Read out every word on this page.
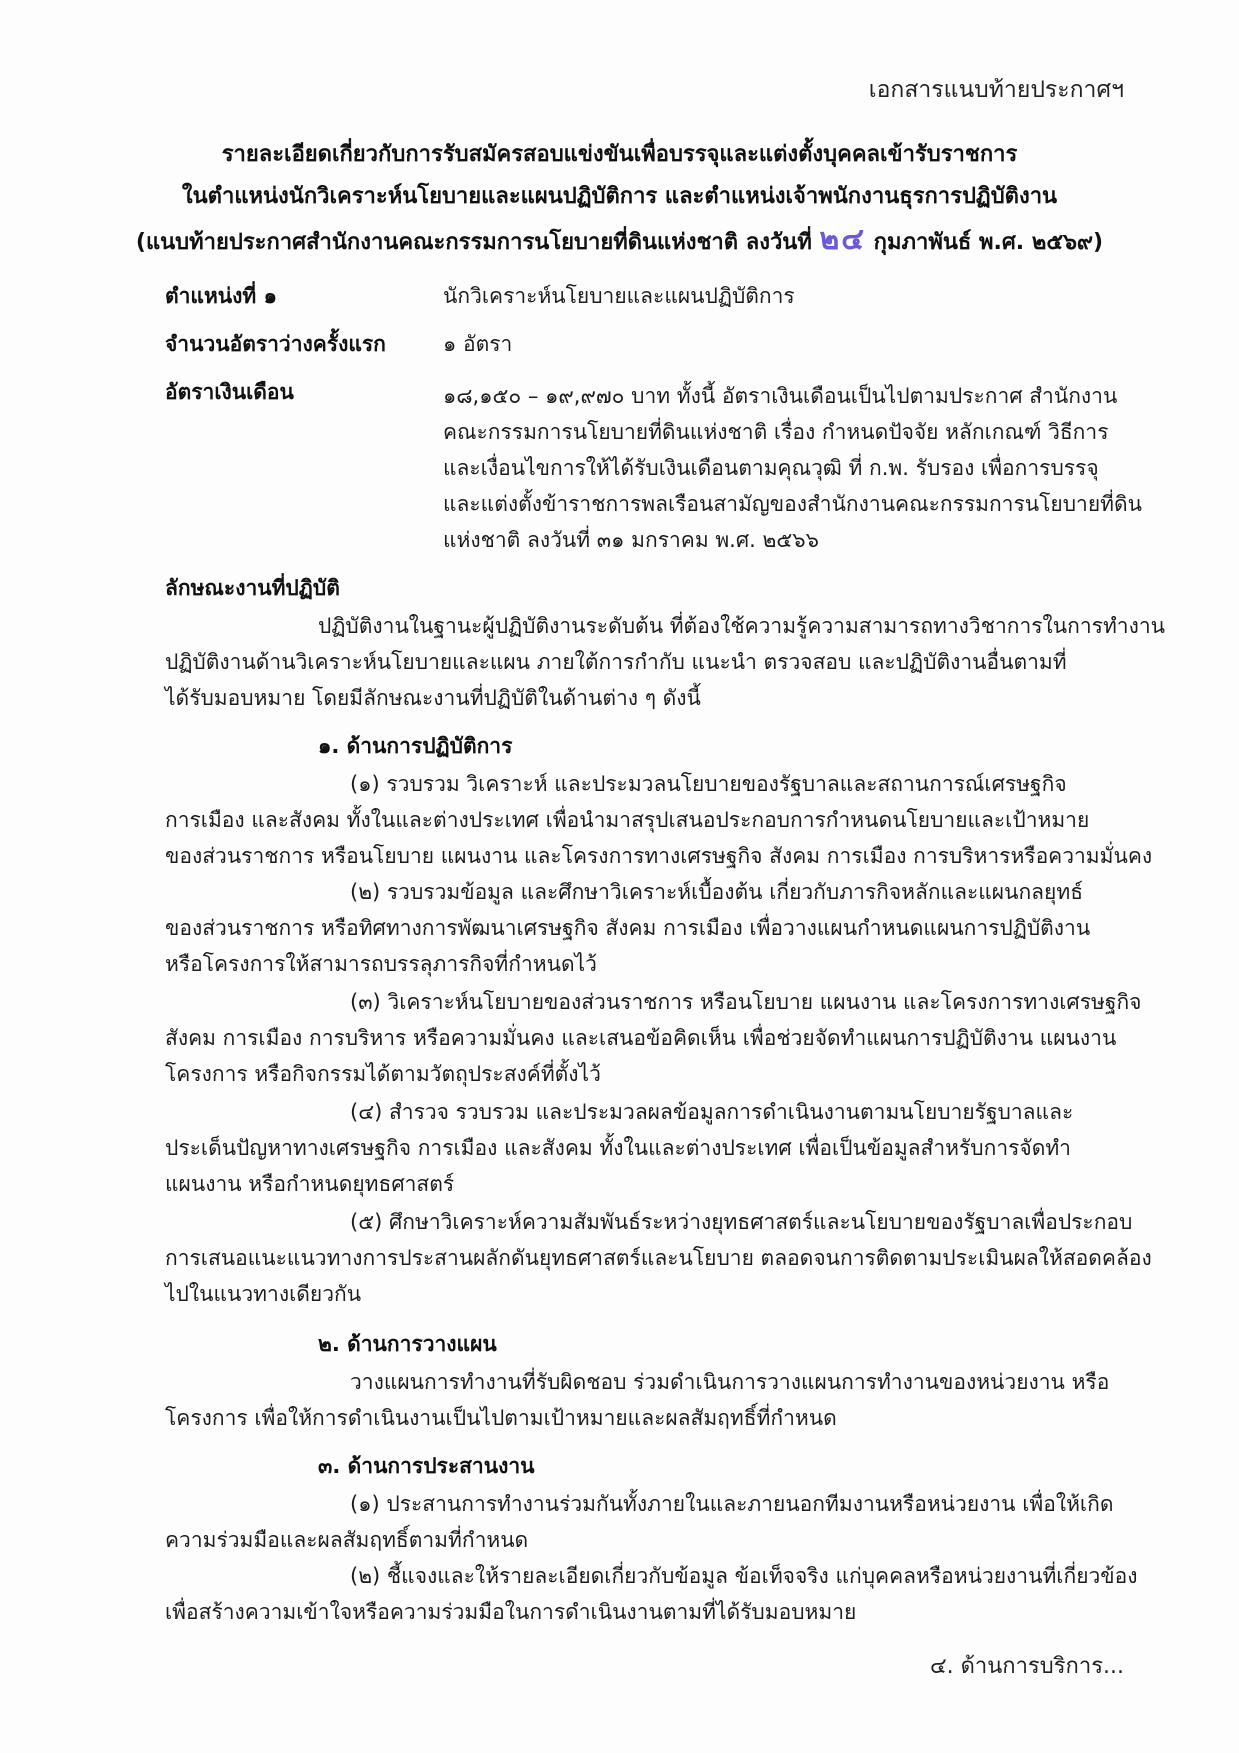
เอกสารแนบท้ายประกาศฯ
รายละเอียดเกี่ยวกับการรับสมัครสอบแข่งขันเพื่อบรรจุและแต่งตั้งบุคคลเข้ารับราชการ
ในตำแหน่งนักวิเคราะห์นโยบายและแผนปฏิบัติการ และตำแหน่งเจ้าพนักงานธุรการปฏิบัติงาน
(แนบท้ายประกาศสำนักงานคณะกรรมการนโยบายที่ดินแห่งชาติ ลงวันที่ ๒๔ กุมภาพันธ์ พ.ศ. ๒๕๖๙)
ตำแหน่งที่ ๑	นักวิเคราะห์นโยบายและแผนปฏิบัติการ
จำนวนอัตราว่างครั้งแรก	๑ อัตรา
อัตราเงินเดือน	๑๘,๑๕๐ – ๑๙,๙๗๐ บาท ทั้งนี้ อัตราเงินเดือนเป็นไปตามประกาศ สำนักงาน
คณะกรรมการนโยบายที่ดินแห่งชาติ เรื่อง กำหนดปัจจัย หลักเกณฑ์ วิธีการ
และเงื่อนไขการให้ได้รับเงินเดือนตามคุณวุฒิ ที่ ก.พ. รับรอง เพื่อการบรรจุ
และแต่งตั้งข้าราชการพลเรือนสามัญของสำนักงานคณะกรรมการนโยบายที่ดิน
แห่งชาติ ลงวันที่ ๓๑ มกราคม พ.ศ. ๒๕๖๖
ลักษณะงานที่ปฏิบัติ
ปฏิบัติงานในฐานะผู้ปฏิบัติงานระดับต้น ที่ต้องใช้ความรู้ความสามารถทางวิชาการในการทำงาน
ปฏิบัติงานด้านวิเคราะห์นโยบายและแผน ภายใต้การกำกับ แนะนำ ตรวจสอบ และปฏิบัติงานอื่นตามที่
ได้รับมอบหมาย โดยมีลักษณะงานที่ปฏิบัติในด้านต่าง ๆ ดังนี้
๑. ด้านการปฏิบัติการ
(๑) รวบรวม วิเคราะห์ และประมวลนโยบายของรัฐบาลและสถานการณ์เศรษฐกิจ
การเมือง และสังคม ทั้งในและต่างประเทศ เพื่อนำมาสรุปเสนอประกอบการกำหนดนโยบายและเป้าหมาย
ของส่วนราชการ หรือนโยบาย แผนงาน และโครงการทางเศรษฐกิจ สังคม การเมือง การบริหารหรือความมั่นคง
(๒) รวบรวมข้อมูล และศึกษาวิเคราะห์เบื้องต้น เกี่ยวกับภารกิจหลักและแผนกลยุทธ์
ของส่วนราชการ หรือทิศทางการพัฒนาเศรษฐกิจ สังคม การเมือง เพื่อวางแผนกำหนดแผนการปฏิบัติงาน
หรือโครงการให้สามารถบรรลุภารกิจที่กำหนดไว้
(๓) วิเคราะห์นโยบายของส่วนราชการ หรือนโยบาย แผนงาน และโครงการทางเศรษฐกิจ
สังคม การเมือง การบริหาร หรือความมั่นคง และเสนอข้อคิดเห็น เพื่อช่วยจัดทำแผนการปฏิบัติงาน แผนงาน
โครงการ หรือกิจกรรมได้ตามวัตถุประสงค์ที่ตั้งไว้
(๔) สำรวจ รวบรวม และประมวลผลข้อมูลการดำเนินงานตามนโยบายรัฐบาลและ
ประเด็นปัญหาทางเศรษฐกิจ การเมือง และสังคม ทั้งในและต่างประเทศ เพื่อเป็นข้อมูลสำหรับการจัดทำ
แผนงาน หรือกำหนดยุทธศาสตร์
(๕) ศึกษาวิเคราะห์ความสัมพันธ์ระหว่างยุทธศาสตร์และนโยบายของรัฐบาลเพื่อประกอบ
การเสนอแนะแนวทางการประสานผลักดันยุทธศาสตร์และนโยบาย ตลอดจนการติดตามประเมินผลให้สอดคล้อง
ไปในแนวทางเดียวกัน
๒. ด้านการวางแผน
วางแผนการทำงานที่รับผิดชอบ ร่วมดำเนินการวางแผนการทำงานของหน่วยงาน หรือ
โครงการ เพื่อให้การดำเนินงานเป็นไปตามเป้าหมายและผลสัมฤทธิ์ที่กำหนด
๓. ด้านการประสานงาน
(๑) ประสานการทำงานร่วมกันทั้งภายในและภายนอกทีมงานหรือหน่วยงาน เพื่อให้เกิด
ความร่วมมือและผลสัมฤทธิ์ตามที่กำหนด
(๒) ชี้แจงและให้รายละเอียดเกี่ยวกับข้อมูล ข้อเท็จจริง แก่บุคคลหรือหน่วยงานที่เกี่ยวข้อง
เพื่อสร้างความเข้าใจหรือความร่วมมือในการดำเนินงานตามที่ได้รับมอบหมาย
๔. ด้านการบริการ...
